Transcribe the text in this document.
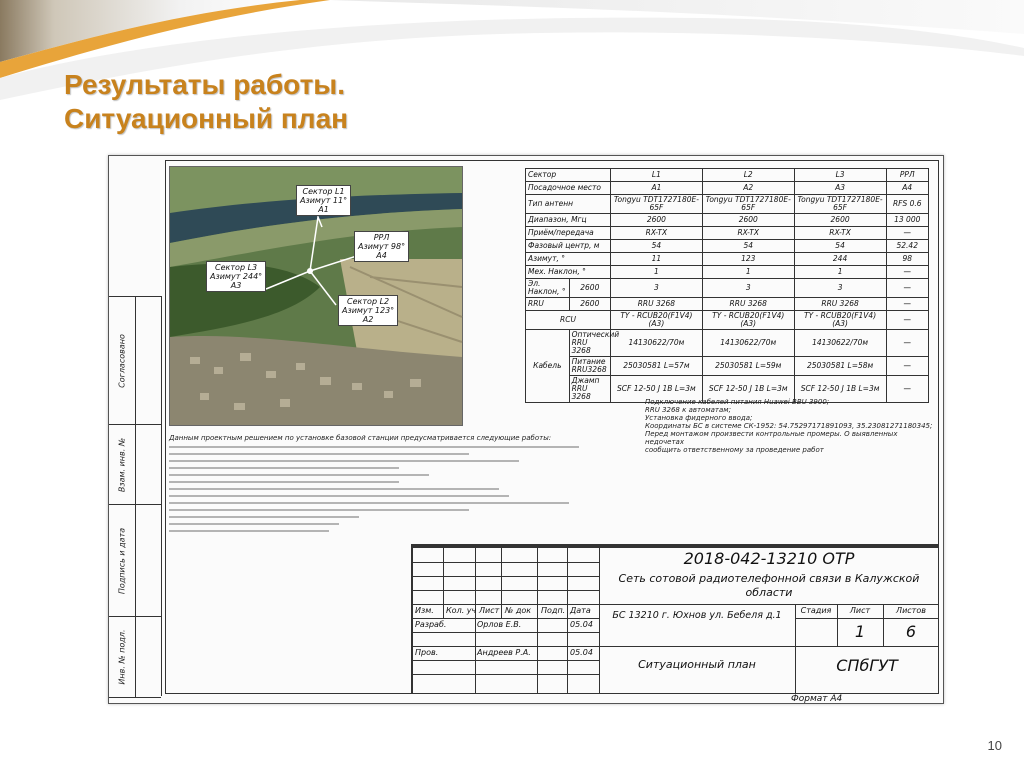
Результаты работы.
Ситуационный план
Согласовано
Взам. инв. №
Подпись и дата
Инв. № подл.
Сектор L1
Азимут 11°
А1
РРЛ
Азимут 98°
А4
Сектор L3
Азимут 244°
А3
Сектор L2
Азимут 123°
А2
Сектор		L1	L2	L3	РРЛ
Посадочное место		А1	А2	А3	А4
Тип антенн		Tongyu TDT1727180E-65F	Tongyu TDT1727180E-65F	Tongyu TDT1727180E-65F	RFS 0.6
Диапазон, Мгц		2600	2600	2600	13 000
Приём/передача		RX-TX	RX-TX	RX-TX	—
Фазовый центр, м		54	54	54	52.42
Азимут, °		11	123	244	98
Мех. Наклон, °		1	1	1	—
Эл. Наклон, °	2600	3	3	3	—
RRU	2600	RRU 3268	RRU 3268	RRU 3268	—
RCU		TY - RCUB20(F1V4)(A3)	TY - RCUB20(F1V4)(A3)	TY - RCUB20(F1V4)(A3)	—
Кабель	Оптический RRU 3268	14130622/70м	14130622/70м	14130622/70м	—
	Питание RRU3268	25030581 L=57м	25030581 L=59м	25030581 L=58м	—
	Джамп RRU 3268	SCF 12-50 J 1B L=3м	SCF 12-50 J 1B L=3м	SCF 12-50 J 1B L=3м	—
Подключение кабелей питания Huawei BBU 3900;
RRU 3268 к автоматам;
Установка фидерного ввода;
Координаты БС в системе СК-1952: 54.75297171891093, 35.23081271180345;
Перед монтажом произвести контрольные промеры. О выявленных недочетах
сообщить ответственному за проведение работ
Данным проектным решением по установке базовой станции предусматривается следующие работы:
2018-042-13210 ОТР
Сеть сотовой радиотелефонной связи в Калужской
области
Изм. Кол. уч Лист № док Подп. Дата
Разраб.	Орлов Е.В.	05.04
Пров.	Андреев Р.А.	05.04
БС 13210 г. Юхнов ул. Бебеля д.1	Стадия	Лист	Листов
1	6
Ситуационный план	СПбГУТ
Формат А4
10
